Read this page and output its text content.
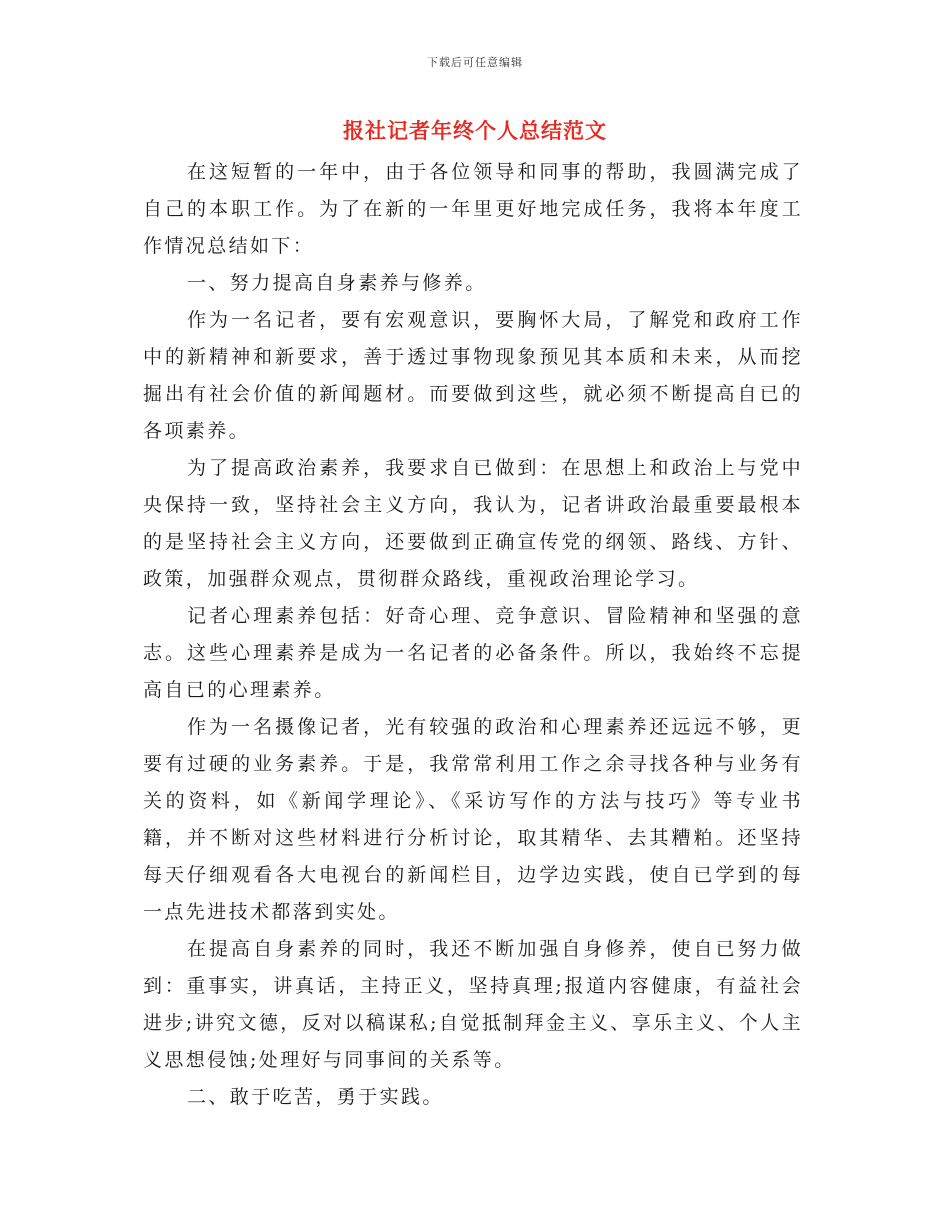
下载后可任意编辑
报社记者年终个人总结范文

在这短暂的一年中，由于各位领导和同事的帮助，我圆满完成了自己的本职工作。为了在新的一年里更好地完成任务，我将本年度工作情况总结如下：

一、努力提高自身素养与修养。

作为一名记者，要有宏观意识，要胸怀大局，了解党和政府工作中的新精神和新要求，善于透过事物现象预见其本质和未来，从而挖掘出有社会价值的新闻题材。而要做到这些，就必须不断提高自已的各项素养。

为了提高政治素养，我要求自已做到：在思想上和政治上与党中央保持一致，坚持社会主义方向，我认为，记者讲政治最重要最根本的是坚持社会主义方向，还要做到正确宣传党的纲领、路线、方针、政策，加强群众观点，贯彻群众路线，重视政治理论学习。

记者心理素养包括：好奇心理、竞争意识、冒险精神和坚强的意志。这些心理素养是成为一名记者的必备条件。所以，我始终不忘提高自已的心理素养。

作为一名摄像记者，光有较强的政治和心理素养还远远不够，更要有过硬的业务素养。于是，我常常利用工作之余寻找各种与业务有关的资料，如《新闻学理论》、《采访写作的方法与技巧》等专业书籍，并不断对这些材料进行分析讨论，取其精华、去其糟粕。还坚持每天仔细观看各大电视台的新闻栏目，边学边实践，使自已学到的每一点先进技术都落到实处。

在提高自身素养的同时，我还不断加强自身修养，使自已努力做到：重事实，讲真话，主持正义，坚持真理;报道内容健康，有益社会进步;讲究文德，反对以稿谋私;自觉抵制拜金主义、享乐主义、个人主义思想侵蚀;处理好与同事间的关系等。

二、敢于吃苦，勇于实践。
